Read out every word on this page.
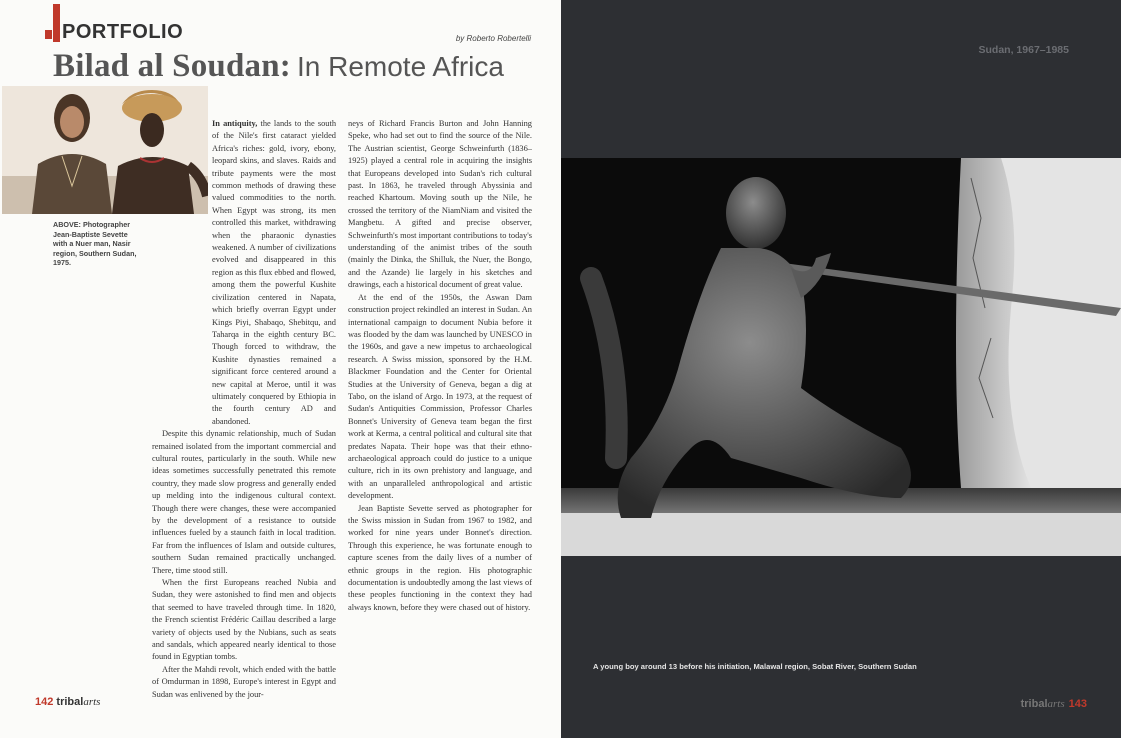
PORTFOLIO	by Roberto Robertelli
Bilad al Soudan: In Remote Africa
ABOVE: Photographer Jean-Baptiste Sevette with a Nuer man, Nasir region, Southern Sudan, 1975.

In antiquity, the lands to the south of the Nile's first cataract yielded Africa's riches: gold, ivory, ebony, leopard skins, and slaves. Raids and tribute payments were the most common methods of drawing these valued commodities to the north. When Egypt was strong, its men controlled this market, withdrawing when the pharaonic dynasties weakened. A number of civilizations evolved and disappeared in this region as this flux ebbed and flowed, among them the powerful Kushite civilization centered in Napata, which briefly overran Egypt under Kings Piyi, Shabaqo, Shebitqu, and Taharqa in the eighth century BC. Though forced to withdraw, the Kushite dynasties remained a significant force centered around a new capital at Meroe, until it was ultimately conquered by Ethiopia in the fourth century AD and abandoned.

Despite this dynamic relationship, much of Sudan remained isolated from the important commercial and cultural routes, particularly in the south. While new ideas sometimes successfully penetrated this remote country, they made slow progress and generally ended up melding into the indigenous cultural context. Though there were changes, these were accompanied by the development of a resistance to outside influences fueled by a staunch faith in local tradition. Far from the influences of Islam and outside cultures, southern Sudan remained practically unchanged. There, time stood still.

When the first Europeans reached Nubia and Sudan, they were astonished to find men and objects that seemed to have traveled through time. In 1820, the French scientist Frédéric Caillau described a large variety of objects used by the Nubians, such as seats and sandals, which appeared nearly identical to those found in Egyptian tombs.

After the Mahdi revolt, which ended with the battle of Omdurman in 1898, Europe's interest in Egypt and Sudan was enlivened by the jour-

neys of Richard Francis Burton and John Hanning Speke, who had set out to find the source of the Nile. The Austrian scientist, George Schweinfurth (1836–1925) played a central role in acquiring the insights that Europeans developed into Sudan's rich cultural past. In 1863, he traveled through Abyssinia and reached Khartoum. Moving south up the Nile, he crossed the territory of the NiamNiam and visited the Mangbetu. A gifted and precise observer, Schweinfurth's most important contributions to today's understanding of the animist tribes of the south (mainly the Dinka, the Shilluk, the Nuer, the Bongo, and the Azande) lie largely in his sketches and drawings, each a historical document of great value.

At the end of the 1950s, the Aswan Dam construction project rekindled an interest in Sudan. An international campaign to document Nubia before it was flooded by the dam was launched by UNESCO in the 1960s, and gave a new impetus to archaeological research. A Swiss mission, sponsored by the H.M. Blackmer Foundation and the Center for Oriental Studies at the University of Geneva, began a dig at Tabo, on the island of Argo. In 1973, at the request of Sudan's Antiquities Commission, Professor Charles Bonnet's University of Geneva team began the first work at Kerma, a central political and cultural site that predates Napata. Their hope was that their ethno-archaeological approach could do justice to a unique culture, rich in its own prehistory and language, and with an unparalleled anthropological and artistic development.

Jean Baptiste Sevette served as photographer for the Swiss mission in Sudan from 1967 to 1982, and worked for nine years under Bonnet's direction. Through this experience, he was fortunate enough to capture scenes from the daily lives of a number of ethnic groups in the region. His photographic documentation is undoubtedly among the last views of these peoples functioning in the context they had always known, before they were chased out of history.

142 tribalarts
Sudan, 1967–1985
A young boy around 13 before his initiation, Malawal region, Sobat River, Southern Sudan
tribalarts 143
